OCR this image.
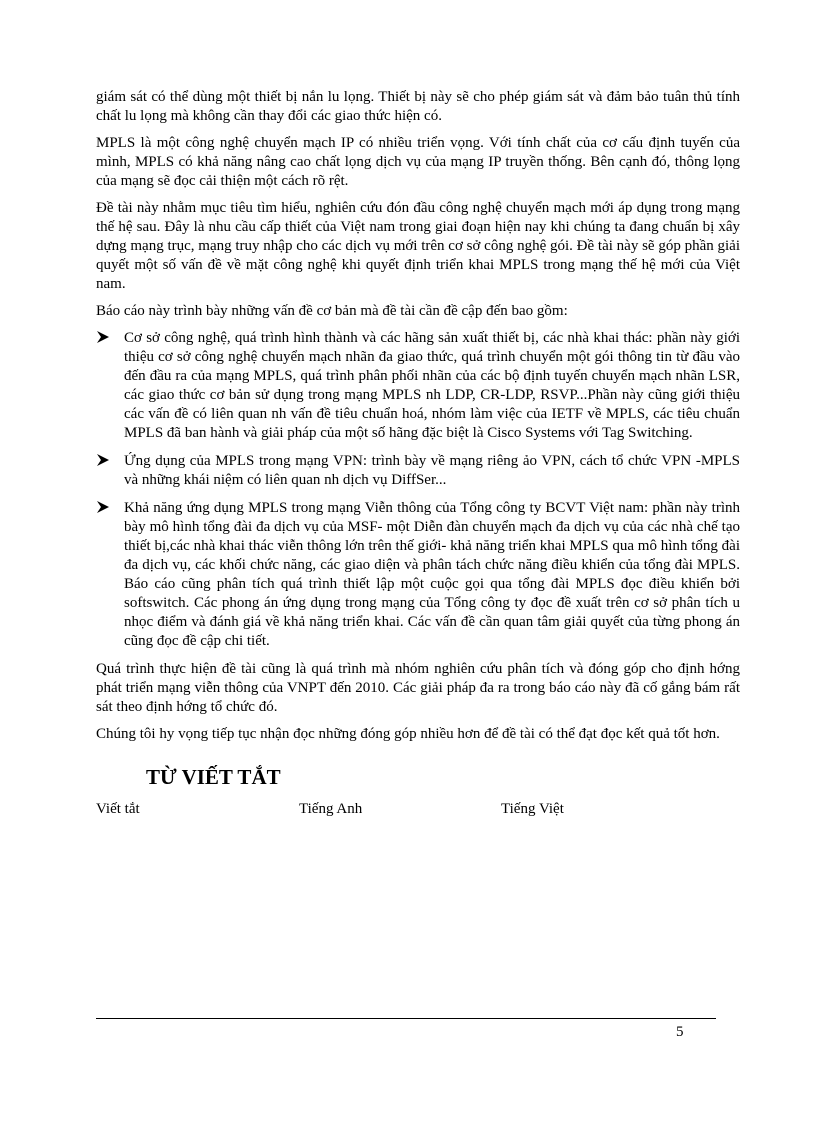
giám sát có thể dùng một thiết bị nắn lu lọng. Thiết bị này sẽ cho phép giám sát và đảm bảo tuân thủ tính chất lu lọng mà không cần thay đổi các giao thức hiện có.

MPLS là một công nghệ chuyển mạch IP có nhiều triển vọng. Với tính chất của cơ cấu định tuyến của mình, MPLS có khả năng nâng cao chất lọng dịch vụ của mạng IP truyền thống. Bên cạnh đó, thông lọng của mạng sẽ đọc cải thiện một cách rõ rệt.

Đề tài này nhằm mục tiêu tìm hiểu, nghiên cứu đón đầu công nghệ chuyển mạch mới áp dụng trong mạng thế hệ sau. Đây là nhu cầu cấp thiết của Việt nam trong giai đoạn hiện nay khi chúng ta đang chuẩn bị xây dựng mạng trục, mạng truy nhập cho các dịch vụ mới trên cơ sở công nghệ gói. Đề tài này sẽ góp phần giải quyết một số vấn đề về mặt công nghệ khi quyết định triển khai MPLS trong mạng thế hệ mới của Việt nam.

Báo cáo này trình bày những vấn đề cơ bản mà đề tài cần đề cập đến bao gồm:

Cơ sở công nghệ, quá trình hình thành và các hãng sản xuất thiết bị, các nhà khai thác: phần này giới thiệu cơ sở công nghệ chuyển mạch nhãn đa giao thức, quá trình chuyển một gói thông tin từ đầu vào đến đầu ra của mạng MPLS, quá trình phân phối nhãn của các bộ định tuyến chuyển mạch nhãn LSR, các giao thức cơ bản sử dụng trong mạng MPLS nh LDP, CR-LDP, RSVP...Phần này cũng giới thiệu các vấn đề có liên quan nh vấn đề tiêu chuẩn hoá, nhóm làm việc của IETF về MPLS, các tiêu chuẩn MPLS đã ban hành và giải pháp của một số hãng đặc biệt là Cisco Systems với Tag Switching.
Ứng dụng của MPLS trong mạng VPN: trình bày về mạng riêng ảo VPN, cách tổ chức VPN -MPLS và những khái niệm có liên quan nh dịch vụ DiffSer...
Khả năng ứng dụng MPLS trong mạng Viễn thông của Tổng công ty BCVT Việt nam: phần này trình bày mô hình tổng đài đa dịch vụ của MSF- một Diễn đàn chuyển mạch đa dịch vụ của các nhà chế tạo thiết bị,các nhà khai thác viễn thông lớn trên thế giới- khả năng triển khai MPLS qua mô hình tổng đài đa dịch vụ, các khối chức năng, các giao diện và phân tách chức năng điều khiển của tổng đài MPLS. Báo cáo cũng phân tích quá trình thiết lập một cuộc gọi qua tổng đài MPLS đọc điều khiển bởi softswitch. Các phong án ứng dụng trong mạng của Tổng công ty đọc đề xuất trên cơ sở phân tích u nhọc điểm và đánh giá về khả năng triển khai. Các vấn đề cần quan tâm giải quyết của từng phong án cũng đọc đề cập chi tiết.

Quá trình thực hiện đề tài cũng là quá trình mà nhóm nghiên cứu phân tích và đóng góp cho định hớng phát triển mạng viễn thông của VNPT đến 2010. Các giải pháp đa ra trong báo cáo này đã cố gắng bám rất sát theo định hớng tổ chức đó.

Chúng tôi hy vọng tiếp tục nhận đọc những đóng góp nhiều hơn để đề tài có thể đạt đọc kết quả tốt hơn.

TỪ VIẾT TẮT
Viết tắt	Tiếng Anh	Tiếng Việt
5
